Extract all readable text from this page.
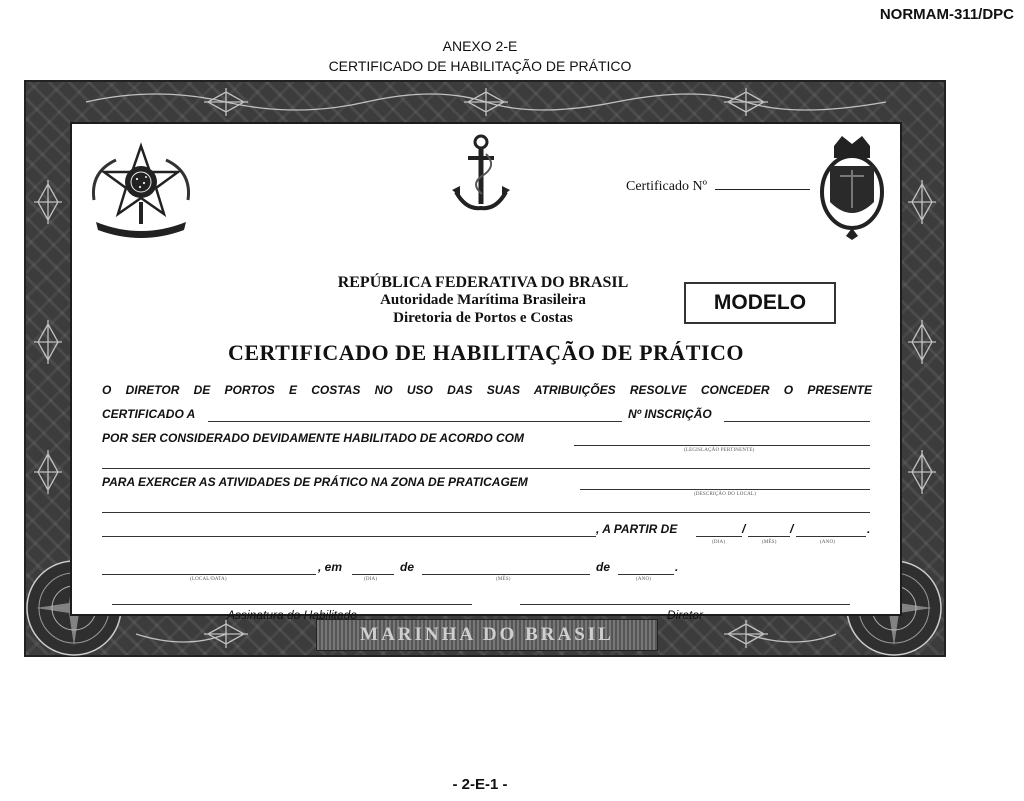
NORMAM-311/DPC
ANEXO 2-E
CERTIFICADO DE HABILITAÇÃO DE PRÁTICO
MARINHA DO BRASIL
Certificado Nº
REPÚBLICA FEDERATIVA DO BRASIL
Autoridade Marítima Brasileira
Diretoria de Portos e Costas
MODELO
CERTIFICADO DE HABILITAÇÃO DE PRÁTICO
O DIRETOR DE PORTOS E COSTAS NO USO DAS SUAS ATRIBUIÇÕES RESOLVE CONCEDER O PRESENTE
CERTIFICADO A	Nº INSCRIÇÃO
POR SER CONSIDERADO DEVIDAMENTE HABILITADO DE ACORDO COM
(LEGISLAÇÃO PERTINENTE)
PARA EXERCER AS ATIVIDADES DE PRÁTICO NA ZONA DE PRATICAGEM
(DESCRIÇÃO DO LOCAL)
, A PARTIR DE	/	/	.
(DIA)	(MÊS)	(ANO)
(LOCAL/DATA)
, em
(DIA)
de
(MÊS)
de
(ANO)
.
Assinatura do Habilitado	Diretor
- 2-E-1 -
